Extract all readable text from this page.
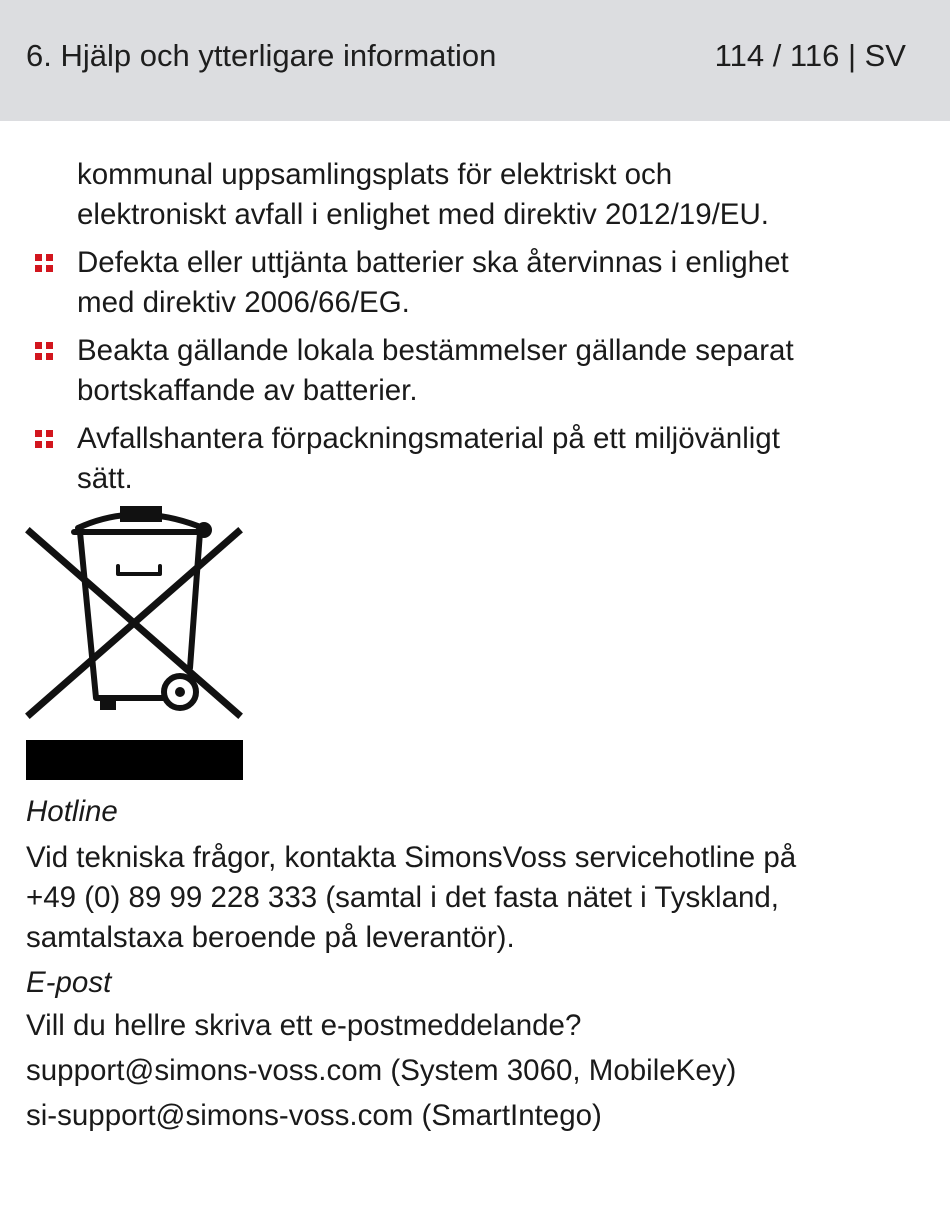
6. Hjälp och ytterligare information	114 / 116 | SV
kommunal uppsamlingsplats för elektriskt och
elektroniskt avfall i enlighet med direktiv 2012/19/EU.
Defekta eller uttjänta batterier ska återvinnas i enlighet
med direktiv 2006/66/EG.
Beakta gällande lokala bestämmelser gällande separat
bortskaffande av batterier.
Avfallshantera förpackningsmaterial på ett miljövänligt
sätt.
Hotline
Vid tekniska frågor, kontakta SimonsVoss servicehotline på
+49 (0) 89 99 228 333 (samtal i det fasta nätet i Tyskland,
samtalstaxa beroende på leverantör).
E-post
Vill du hellre skriva ett e-postmeddelande?
support@simons-voss.com (System 3060, MobileKey)
si-support@simons-voss.com (SmartIntego)
